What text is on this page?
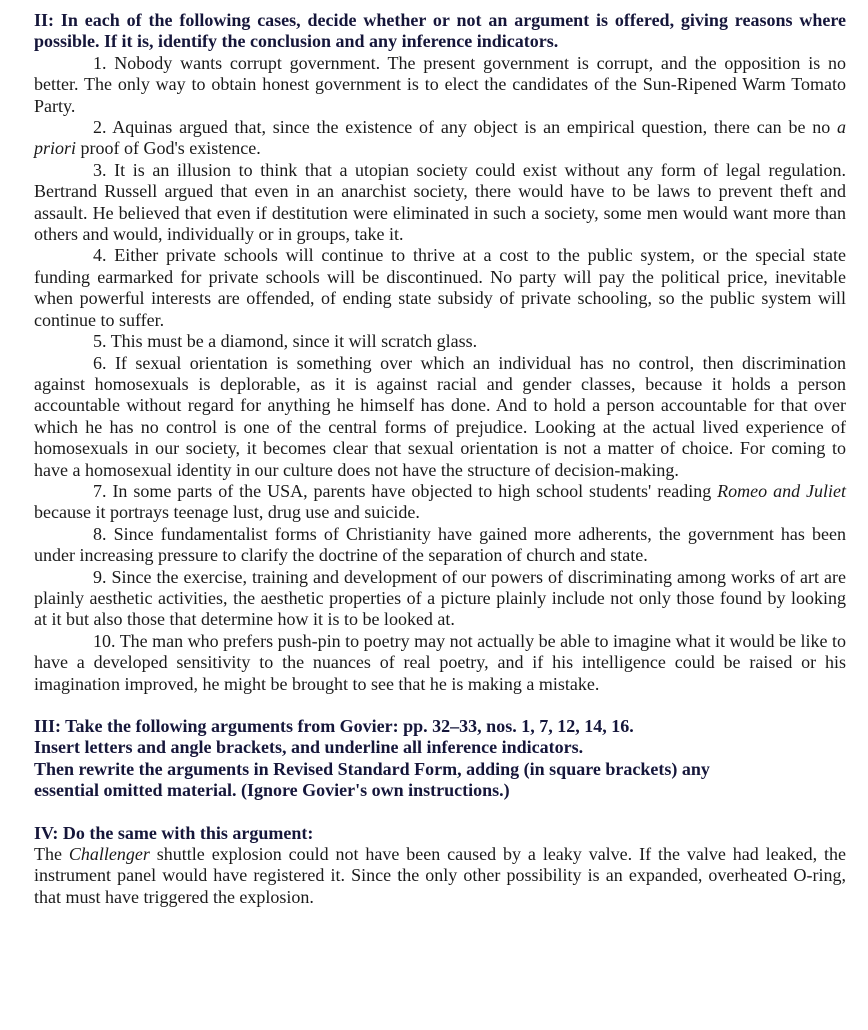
II: In each of the following cases, decide whether or not an argument is offered, giving reasons where possible. If it is, identify the conclusion and any inference indicators.
1. Nobody wants corrupt government. The present government is corrupt, and the opposition is no better. The only way to obtain honest government is to elect the candidates of the Sun-Ripened Warm Tomato Party.
2. Aquinas argued that, since the existence of any object is an empirical question, there can be no a priori proof of God's existence.
3. It is an illusion to think that a utopian society could exist without any form of legal regulation. Bertrand Russell argued that even in an anarchist society, there would have to be laws to prevent theft and assault. He believed that even if destitution were eliminated in such a society, some men would want more than others and would, individually or in groups, take it.
4. Either private schools will continue to thrive at a cost to the public system, or the special state funding earmarked for private schools will be discontinued. No party will pay the political price, inevitable when powerful interests are offended, of ending state subsidy of private schooling, so the public system will continue to suffer.
5. This must be a diamond, since it will scratch glass.
6. If sexual orientation is something over which an individual has no control, then discrimination against homosexuals is deplorable, as it is against racial and gender classes, because it holds a person accountable without regard for anything he himself has done. And to hold a person accountable for that over which he has no control is one of the central forms of prejudice. Looking at the actual lived experience of homosexuals in our society, it becomes clear that sexual orientation is not a matter of choice. For coming to have a homosexual identity in our culture does not have the structure of decision-making.
7. In some parts of the USA, parents have objected to high school students' reading Romeo and Juliet because it portrays teenage lust, drug use and suicide.
8. Since fundamentalist forms of Christianity have gained more adherents, the government has been under increasing pressure to clarify the doctrine of the separation of church and state.
9. Since the exercise, training and development of our powers of discriminating among works of art are plainly aesthetic activities, the aesthetic properties of a picture plainly include not only those found by looking at it but also those that determine how it is to be looked at.
10. The man who prefers push-pin to poetry may not actually be able to imagine what it would be like to have a developed sensitivity to the nuances of real poetry, and if his intelligence could be raised or his imagination improved, he might be brought to see that he is making a mistake.
III: Take the following arguments from Govier: pp. 32–33, nos. 1, 7, 12, 14, 16.
Insert letters and angle brackets, and underline all inference indicators.
Then rewrite the arguments in Revised Standard Form, adding (in square brackets) any
essential omitted material. (Ignore Govier's own instructions.)
IV: Do the same with this argument:
The Challenger shuttle explosion could not have been caused by a leaky valve. If the valve had leaked, the instrument panel would have registered it. Since the only other possibility is an expanded, overheated O-ring, that must have triggered the explosion.
